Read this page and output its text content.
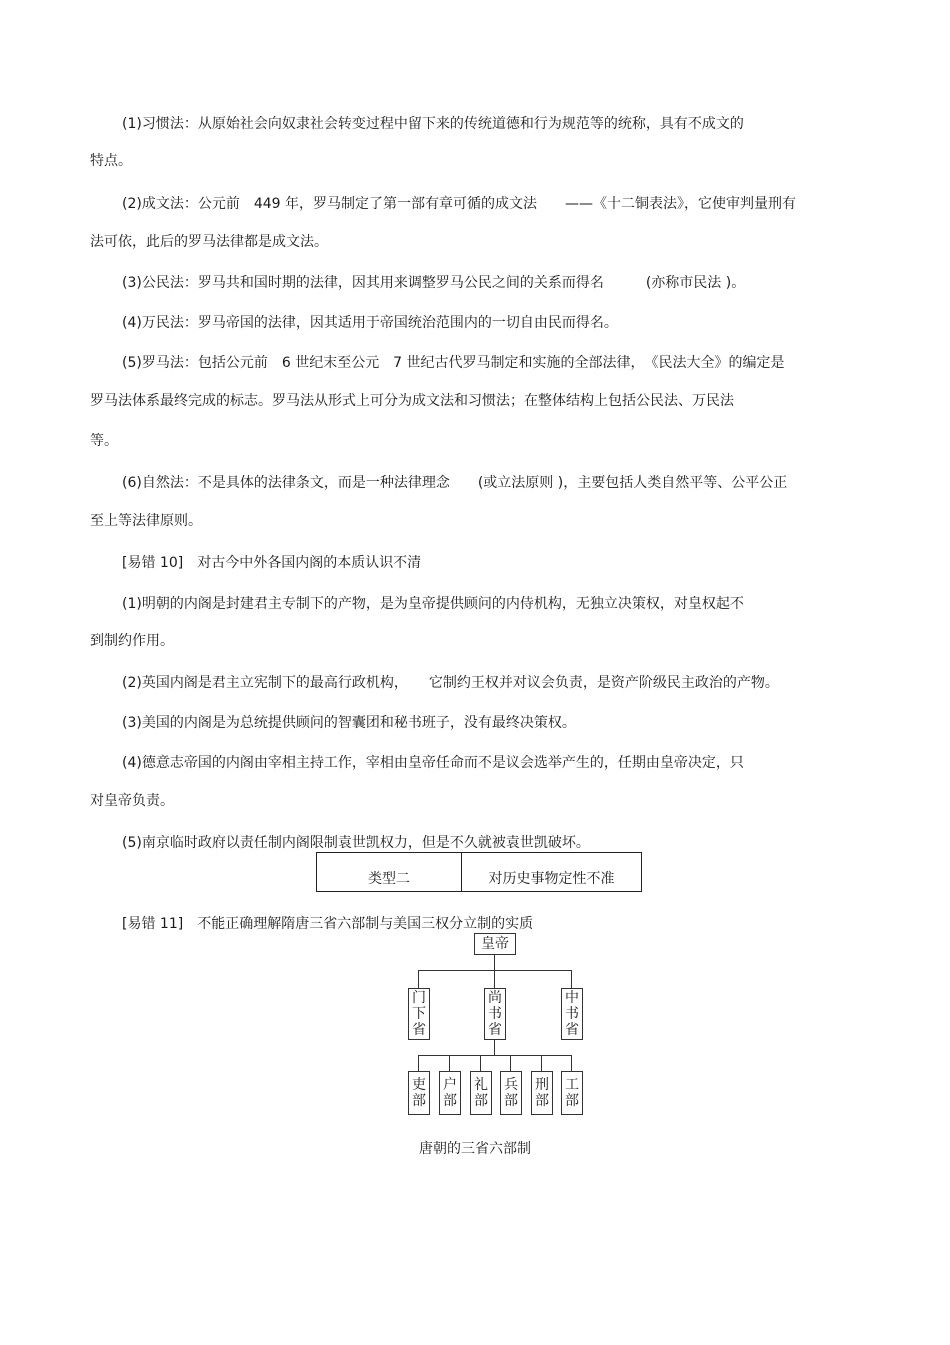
(1)习惯法：从原始社会向奴隶社会转变过程中留下来的传统道德和行为规范等的统称，具有不成文的
特点。
(2)成文法：公元前　449 年，罗马制定了第一部有章可循的成文法　　——《十二铜表法》，它使审判量刑有
法可依，此后的罗马法律都是成文法。
(3)公民法：罗马共和国时期的法律，因其用来调整罗马公民之间的关系而得名　　　(亦称市民法 )。
(4)万民法：罗马帝国的法律，因其适用于帝国统治范围内的一切自由民而得名。
(5)罗马法：包括公元前　6 世纪末至公元　7 世纪古代罗马制定和实施的全部法律，　《民法大全》的编定是
罗马法体系最终完成的标志。罗马法从形式上可分为成文法和习惯法；在整体结构上包括公民法、万民法
等。
(6)自然法：不是具体的法律条文，而是一种法律理念　　(或立法原则 )，主要包括人类自然平等、公平公正
至上等法律原则。
[易错 10]　对古今中外各国内阁的本质认识不清
(1)明朝的内阁是封建君主专制下的产物，是为皇帝提供顾问的内侍机构，无独立决策权，对皇权起不
到制约作用。
(2)英国内阁是君主立宪制下的最高行政机构，　　它制约王权并对议会负责，是资产阶级民主政治的产物。
(3)美国的内阁是为总统提供顾问的智囊团和秘书班子，没有最终决策权。
(4)德意志帝国的内阁由宰相主持工作，宰相由皇帝任命而不是议会选举产生的，任期由皇帝决定，只
对皇帝负责。
(5)南京临时政府以责任制内阁限制袁世凯权力，但是不久就被袁世凯破坏。
类型二	对历史事物定性不准
[易错 11]　不能正确理解隋唐三省六部制与美国三权分立制的实质
皇帝
门下省
尚书省
中书省
吏部
户部
礼部
兵部
刑部
工部
唐朝的三省六部制
